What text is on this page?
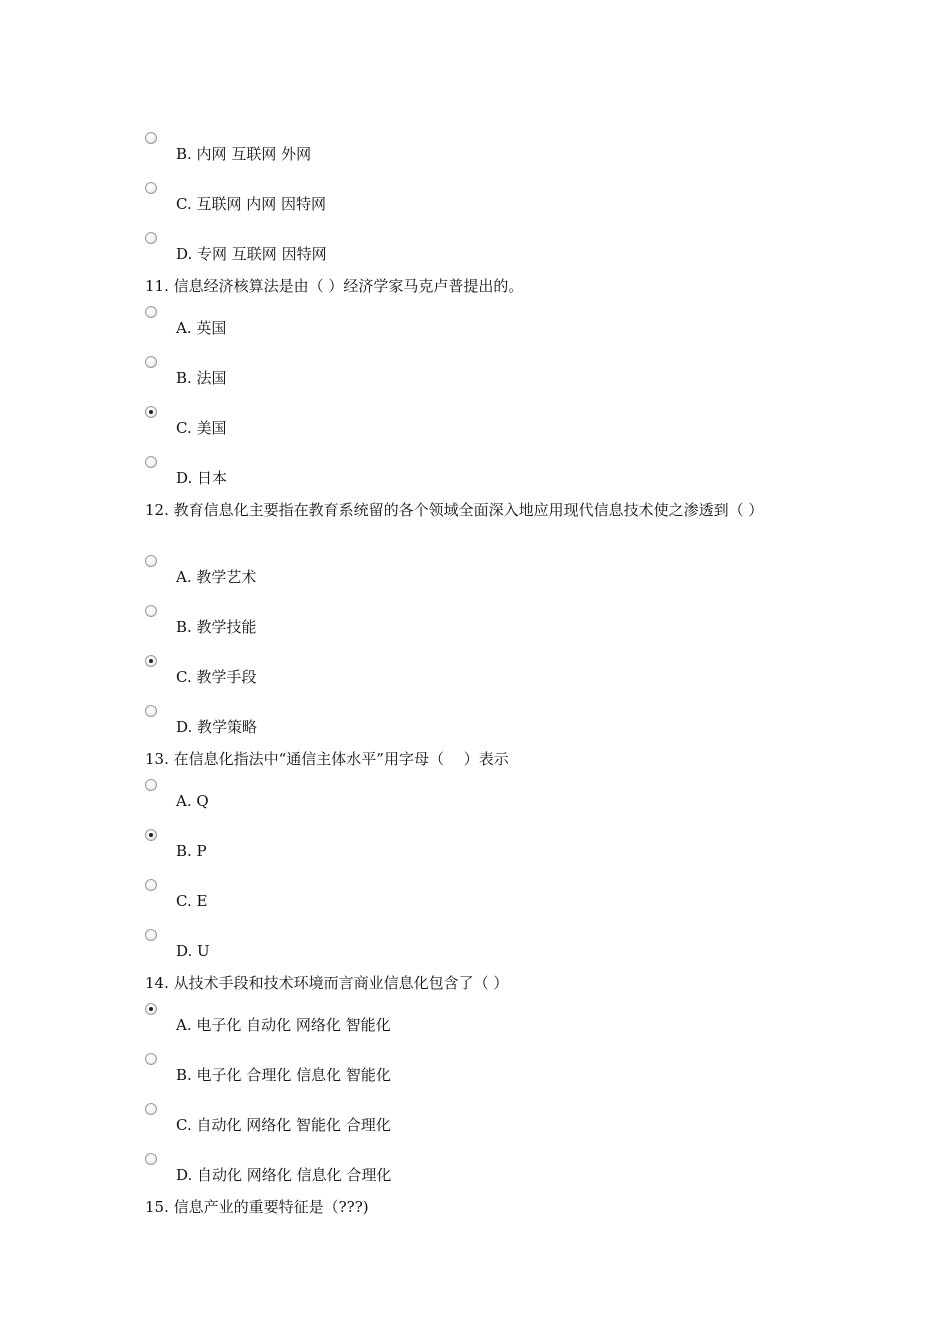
B. 内网 互联网 外网
C. 互联网 内网 因特网
D. 专网 互联网 因特网
11. 信息经济核算法是由（ ）经济学家马克卢普提出的。
A. 英国
B. 法国
C. 美国
D. 日本
12. 教育信息化主要指在教育系统留的各个领域全面深入地应用现代信息技术使之渗透到（ ）
A. 教学艺术
B. 教学技能
C. 教学手段
D. 教学策略
13. 在信息化指法中“通信主体水平”用字母（　 ）表示
A. Q
B. P
C. E
D. U
14. 从技术手段和技术环境而言商业信息化包含了（ ）
A. 电子化 自动化 网络化 智能化
B. 电子化 合理化 信息化 智能化
C. 自动化 网络化 智能化 合理化
D. 自动化 网络化 信息化 合理化
15. 信息产业的重要特征是（???)
